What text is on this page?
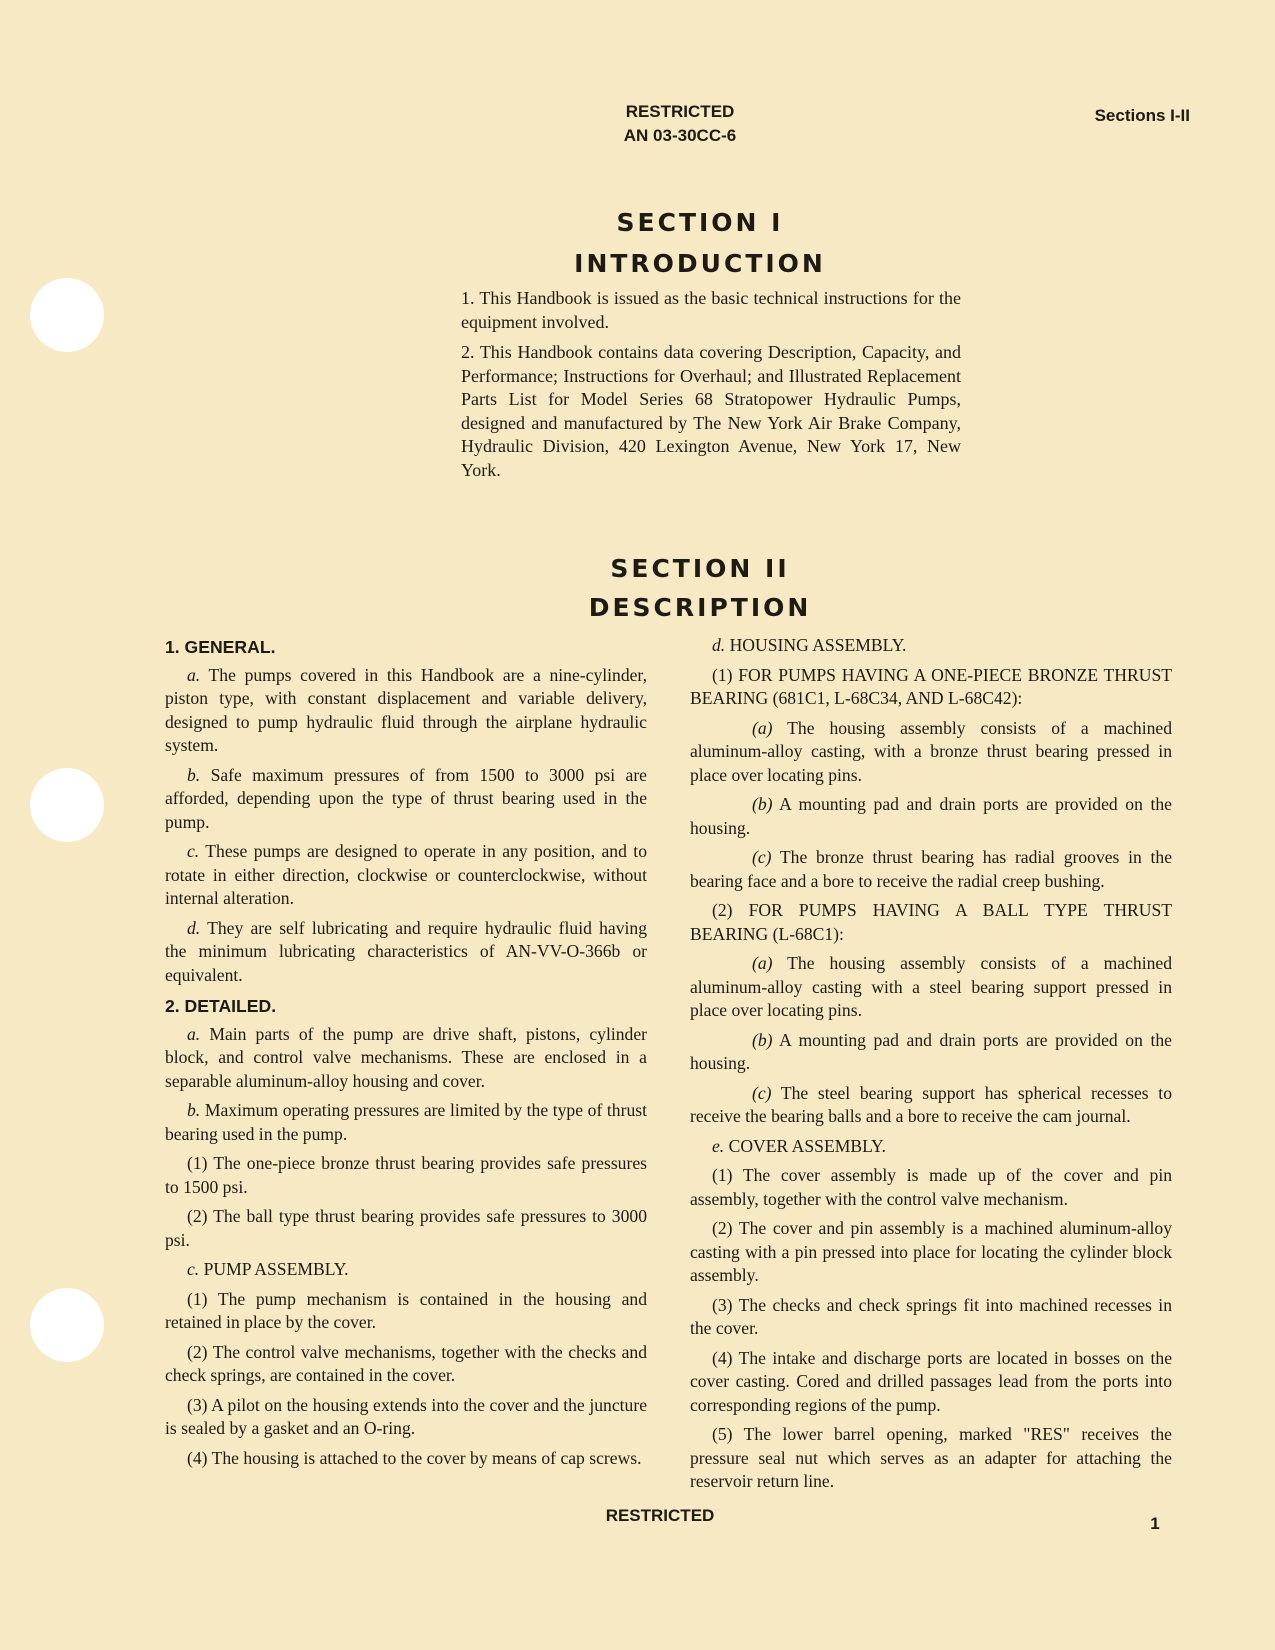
RESTRICTED
AN 03-30CC-6
Sections I-II
SECTION I
INTRODUCTION

1. This Handbook is issued as the basic technical instructions for the equipment involved.

2. This Handbook contains data covering Description, Capacity, and Performance; Instructions for Overhaul; and Illustrated Replacement Parts List for Model Series 68 Stratopower Hydraulic Pumps, designed and manufactured by The New York Air Brake Company, Hydraulic Division, 420 Lexington Avenue, New York 17, New York.

SECTION II
DESCRIPTION

1. GENERAL.

a. The pumps covered in this Handbook are a nine-cylinder, piston type, with constant displacement and variable delivery, designed to pump hydraulic fluid through the airplane hydraulic system.

b. Safe maximum pressures of from 1500 to 3000 psi are afforded, depending upon the type of thrust bearing used in the pump.

c. These pumps are designed to operate in any position, and to rotate in either direction, clockwise or counterclockwise, without internal alteration.

d. They are self lubricating and require hydraulic fluid having the minimum lubricating characteristics of AN-VV-O-366b or equivalent.

2. DETAILED.

a. Main parts of the pump are drive shaft, pistons, cylinder block, and control valve mechanisms. These are enclosed in a separable aluminum-alloy housing and cover.

b. Maximum operating pressures are limited by the type of thrust bearing used in the pump.

(1) The one-piece bronze thrust bearing provides safe pressures to 1500 psi.

(2) The ball type thrust bearing provides safe pressures to 3000 psi.

c. PUMP ASSEMBLY.

(1) The pump mechanism is contained in the housing and retained in place by the cover.

(2) The control valve mechanisms, together with the checks and check springs, are contained in the cover.

(3) A pilot on the housing extends into the cover and the juncture is sealed by a gasket and an O-ring.

(4) The housing is attached to the cover by means of cap screws.

d. HOUSING ASSEMBLY.

(1) FOR PUMPS HAVING A ONE-PIECE BRONZE THRUST BEARING (681C1, L-68C34, AND L-68C42):

(a) The housing assembly consists of a machined aluminum-alloy casting, with a bronze thrust bearing pressed in place over locating pins.

(b) A mounting pad and drain ports are provided on the housing.

(c) The bronze thrust bearing has radial grooves in the bearing face and a bore to receive the radial creep bushing.

(2) FOR PUMPS HAVING A BALL TYPE THRUST BEARING (L-68C1):

(a) The housing assembly consists of a machined aluminum-alloy casting with a steel bearing support pressed in place over locating pins.

(b) A mounting pad and drain ports are provided on the housing.

(c) The steel bearing support has spherical recesses to receive the bearing balls and a bore to receive the cam journal.

e. COVER ASSEMBLY.

(1) The cover assembly is made up of the cover and pin assembly, together with the control valve mechanism.

(2) The cover and pin assembly is a machined aluminum-alloy casting with a pin pressed into place for locating the cylinder block assembly.

(3) The checks and check springs fit into machined recesses in the cover.

(4) The intake and discharge ports are located in bosses on the cover casting. Cored and drilled passages lead from the ports into corresponding regions of the pump.

(5) The lower barrel opening, marked "RES" receives the pressure seal nut which serves as an adapter for attaching the reservoir return line.

RESTRICTED	1
